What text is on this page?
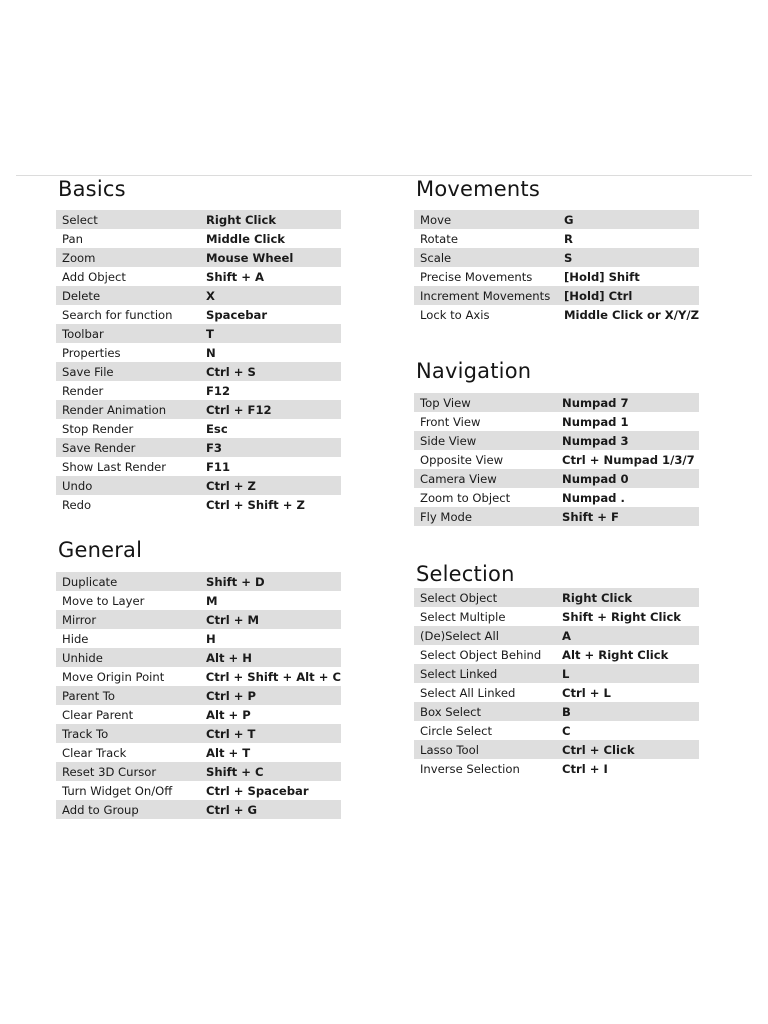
Basics
Select	Right Click
Pan	Middle Click
Zoom	Mouse Wheel
Add Object	Shift + A
Delete	X
Search for function	Spacebar
Toolbar	T
Properties	N
Save File	Ctrl + S
Render	F12
Render Animation	Ctrl + F12
Stop Render	Esc
Save Render	F3
Show Last Render	F11
Undo	Ctrl + Z
Redo	Ctrl + Shift + Z
General
Duplicate	Shift + D
Move to Layer	M
Mirror	Ctrl + M
Hide	H
Unhide	Alt + H
Move Origin Point	Ctrl + Shift + Alt + C
Parent To	Ctrl + P
Clear Parent	Alt + P
Track To	Ctrl + T
Clear Track	Alt + T
Reset 3D Cursor	Shift + C
Turn Widget On/Off	Ctrl + Spacebar
Add to Group	Ctrl + G
Movements
Move	G
Rotate	R
Scale	S
Precise Movements	[Hold] Shift
Increment Movements	[Hold] Ctrl
Lock to Axis	Middle Click or X/Y/Z
Navigation
Top View	Numpad 7
Front View	Numpad 1
Side View	Numpad 3
Opposite View	Ctrl + Numpad 1/3/7
Camera View	Numpad 0
Zoom to Object	Numpad .
Fly Mode	Shift + F
Selection
Select Object	Right Click
Select Multiple	Shift + Right Click
(De)Select All	A
Select Object Behind	Alt + Right Click
Select Linked	L
Select All Linked	Ctrl + L
Box Select	B
Circle Select	C
Lasso Tool	Ctrl + Click
Inverse Selection	Ctrl + I
